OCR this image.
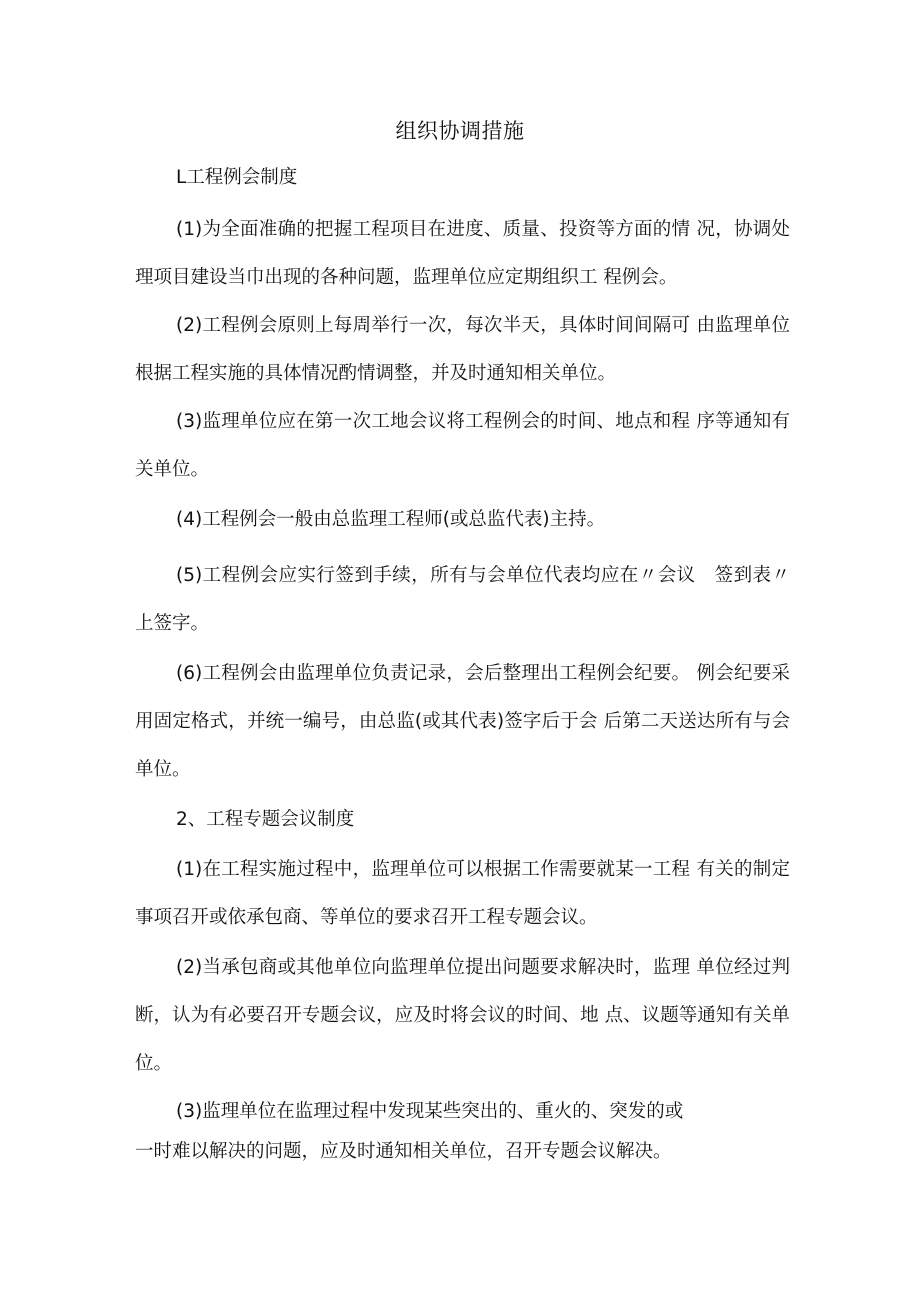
组织协调措施
L工程例会制度
(1)为全面准确的把握工程项目在进度、质量、投资等方面的情 况，协调处理项目建设当巾出现的各种问题，监理单位应定期组织工 程例会。
(2)工程例会原则上每周举行一次，每次半天，具体时间间隔可 由监理单位根据工程实施的具体情况酌情调整，并及时通知相关单位。
(3)监理单位应在第一次工地会议将工程例会的时间、地点和程 序等通知有关单位。
(4)工程例会一般由总监理工程师(或总监代表)主持。
(5)工程例会应实行签到手续，所有与会单位代表均应在〃会议　签到表〃上签字。
(6)工程例会由监理单位负责记录，会后整理出工程例会纪要。 例会纪要采用固定格式，并统一编号，由总监(或其代表)签字后于会 后第二天送达所有与会单位。
2、工程专题会议制度
(1)在工程实施过程中，监理单位可以根据工作需要就某一工程 有关的制定事项召开或依承包商、等单位的要求召开工程专题会议。
(2)当承包商或其他单位向监理单位提出问题要求解决时，监理 单位经过判断，认为有必要召开专题会议，应及时将会议的时间、地 点、议题等通知有关单位。
(3)监理单位在监理过程中发现某些突出的、重火的、突发的或
一时难以解决的问题，应及时通知相关单位，召开专题会议解决。
